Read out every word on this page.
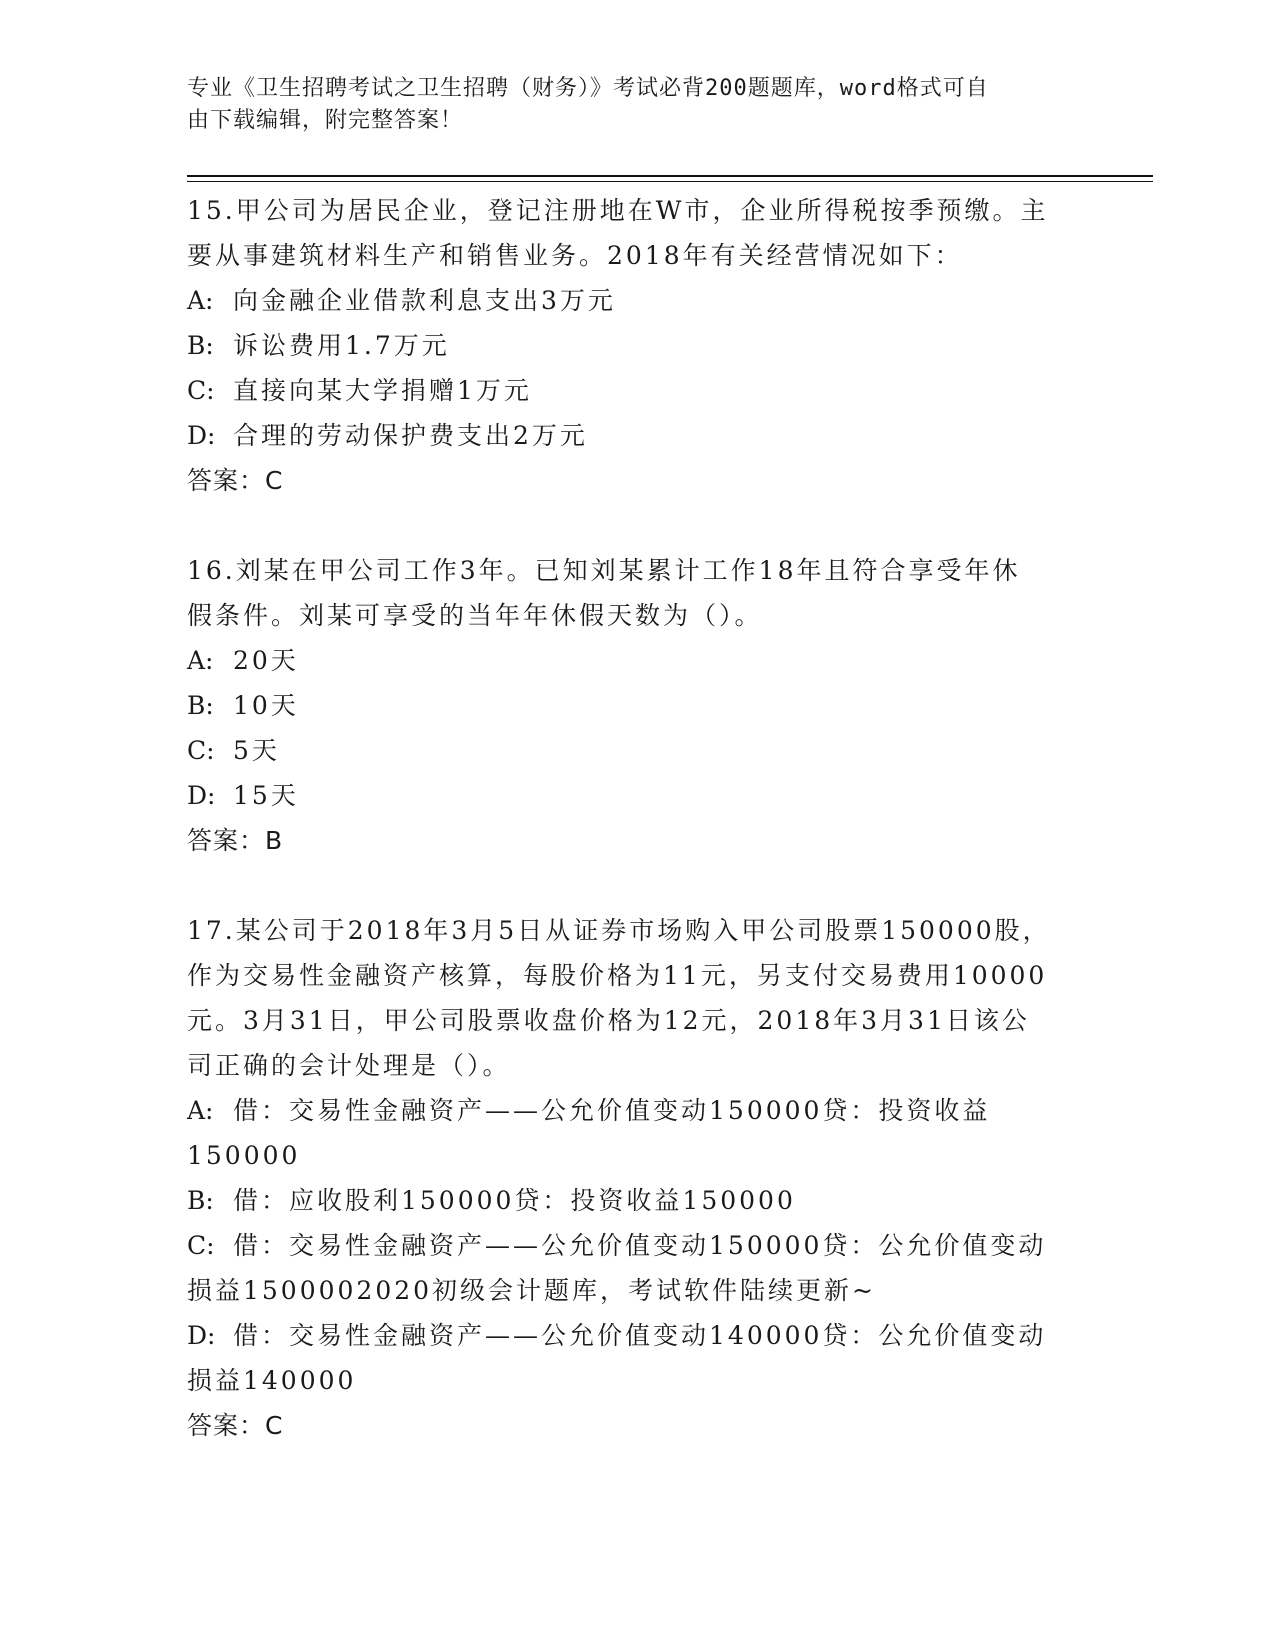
专业《卫生招聘考试之卫生招聘（财务）》考试必背200题题库，word格式可自
由下载编辑，附完整答案！
15.甲公司为居民企业，登记注册地在W市，企业所得税按季预缴。主
要从事建筑材料生产和销售业务。2018年有关经营情况如下：
A: 向金融企业借款利息支出3万元
B: 诉讼费用1.7万元
C: 直接向某大学捐赠1万元
D: 合理的劳动保护费支出2万元
答案：C
16.刘某在甲公司工作3年。已知刘某累计工作18年且符合享受年休
假条件。刘某可享受的当年年休假天数为（）。
A: 20天
B: 10天
C: 5天
D: 15天
答案：B
17.某公司于2018年3月5日从证券市场购入甲公司股票150000股，
作为交易性金融资产核算，每股价格为11元，另支付交易费用10000
元。3月31日，甲公司股票收盘价格为12元，2018年3月31日该公
司正确的会计处理是（）。
A: 借：交易性金融资产——公允价值变动150000贷：投资收益
150000
B: 借：应收股利150000贷：投资收益150000
C: 借：交易性金融资产——公允价值变动150000贷：公允价值变动
损益1500002020初级会计题库，考试软件陆续更新~
D: 借：交易性金融资产——公允价值变动140000贷：公允价值变动
损益140000
答案：C
